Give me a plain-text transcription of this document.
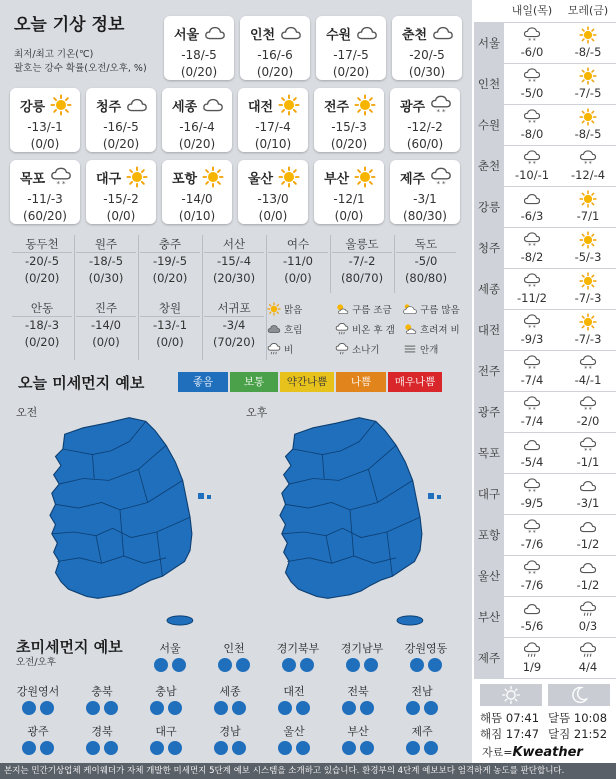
오늘 기상 정보
최저/최고 기온(℃)
괄호는 강수 확률(오전/오후, %)
서울
-18/-5
(0/20)
인천
-16/-6
(0/20)
수원
-17/-5
(0/20)
춘천
-20/-5
(0/30)
강릉
-13/-1
(0/0)
청주
-16/-5
(0/20)
세종
-16/-4
(0/20)
대전
-17/-4
(0/10)
전주
-15/-3
(0/20)
광주
-12/-2
(60/0)
목포
-11/-3
(60/20)
대구
-15/-2
(0/0)
포항
-14/0
(0/10)
울산
-13/0
(0/0)
부산
-12/1
(0/0)
제주
-3/1
(80/30)
동두천
-20/-5
(0/20)
원주
-18/-5
(0/30)
충주
-19/-5
(0/20)
서산
-15/-4
(20/30)
여수
-11/0
(0/0)
울릉도
-7/-2
(80/70)
독도
-5/0
(80/80)
안동
-18/-3
(0/20)
진주
-14/0
(0/0)
창원
-13/-1
(0/0)
서귀포
-3/4
(70/20)
맑음	구름 조금	구름 많음
흐림	비온 후 갬	흐려져 비
비	소나기	안개
오늘 미세먼지 예보	좋음	보통	약간나쁨	나쁨	매우나쁨
오전	오후
초미세먼지 예보
오전/오후
서울	인천	경기북부	경기남부	강원영동
강원영서	충북	충남	세종	대전	전북	전남
광주	경북	대구	경남	울산	부산	제주
내일(목)	모레(금)
서울
-6/0	-8/-5
인천
-5/0	-7/-5
수원
-8/0	-8/-5
춘천
-10/-1	-12/-4
강릉
-6/3	-7/1
청주
-8/2	-5/-3
세종
-11/2	-7/-3
대전
-9/3	-7/-3
전주
-7/4	-4/-1
광주
-7/4	-2/0
목포
-5/4	-1/1
대구
-9/5	-3/1
포항
-7/6	-1/2
울산
-7/6	-1/2
부산
-5/6	0/3
제주
1/9	4/4
해뜸 07:41 달뜸 10:08
해짐 17:47 달짐 21:52
자료=Kweather
본지는 민간기상업체 케이웨더가 자체 개발한 미세먼지 5단계 예보 시스템을 소개하고 있습니다. 환경부의 4단계 예보보다 엄격하게 농도를 판단합니다.
